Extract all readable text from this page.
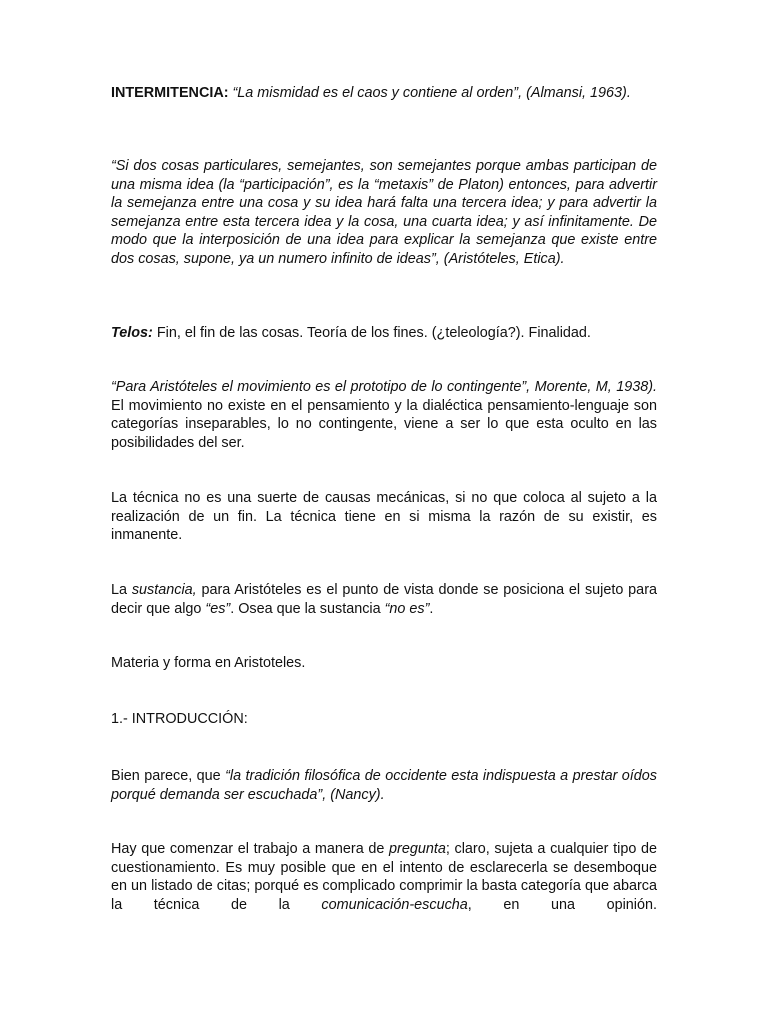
INTERMITENCIA: “La mismidad es el caos y contiene al orden”, (Almansi, 1963).

“Si dos cosas particulares, semejantes, son semejantes porque ambas participan de una misma idea (la “participación”, es la “metaxis” de Platon) entonces, para advertir la semejanza entre una cosa y su idea hará falta una tercera idea; y para advertir la semejanza entre esta tercera idea y la cosa, una cuarta idea; y así infinitamente. De modo que la interposición de una idea para explicar la semejanza que existe entre dos cosas, supone, ya un numero infinito de ideas”, (Aristóteles, Etica).

Telos: Fin, el fin de las cosas. Teoría de los fines. (¿teleología?). Finalidad.

“Para Aristóteles el movimiento es el prototipo de lo contingente”, Morente, M, 1938). El movimiento no existe en el pensamiento y la dialéctica pensamiento-lenguaje son categorías inseparables, lo no contingente, viene a ser lo que esta oculto en las posibilidades del ser.

La técnica no es una suerte de causas mecánicas, si no que coloca al sujeto a la realización de un fin. La técnica tiene en si misma la razón de su existir, es inmanente.

La sustancia, para Aristóteles es el punto de vista donde se posiciona el sujeto para decir que algo “es”. Osea que la sustancia “no es”.

Materia y forma en Aristoteles.

1.- INTRODUCCIÓN:

Bien parece, que “la tradición filosófica de occidente esta indispuesta a prestar oídos porqué demanda ser escuchada”, (Nancy).

Hay que comenzar el trabajo a manera de pregunta; claro, sujeta a cualquier tipo de cuestionamiento. Es muy posible que en el intento de esclarecerla se desemboque en un listado de citas; porqué es complicado comprimir la basta categoría que abarca la técnica de la comunicación-escucha, en una opinión.
